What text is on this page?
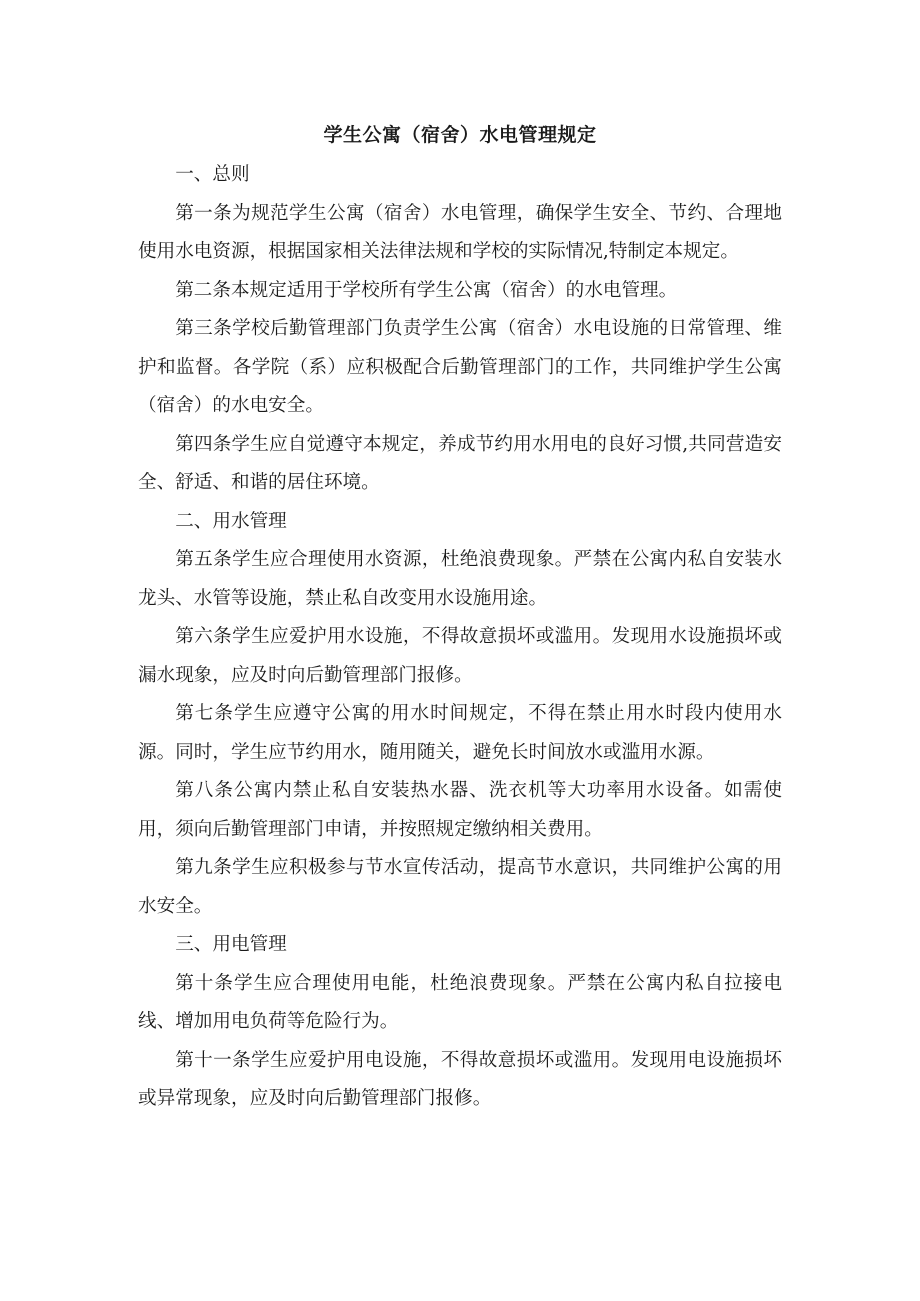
学生公寓（宿舍）水电管理规定

一、总则

第一条为规范学生公寓（宿舍）水电管理，确保学生安全、节约、合理地使用水电资源，根据国家相关法律法规和学校的实际情况,特制定本规定。

第二条本规定适用于学校所有学生公寓（宿舍）的水电管理。

第三条学校后勤管理部门负责学生公寓（宿舍）水电设施的日常管理、维护和监督。各学院（系）应积极配合后勤管理部门的工作，共同维护学生公寓（宿舍）的水电安全。

第四条学生应自觉遵守本规定，养成节约用水用电的良好习惯,共同营造安全、舒适、和谐的居住环境。

二、用水管理

第五条学生应合理使用水资源，杜绝浪费现象。严禁在公寓内私自安装水龙头、水管等设施，禁止私自改变用水设施用途。

第六条学生应爱护用水设施，不得故意损坏或滥用。发现用水设施损坏或漏水现象，应及时向后勤管理部门报修。

第七条学生应遵守公寓的用水时间规定，不得在禁止用水时段内使用水源。同时，学生应节约用水，随用随关，避免长时间放水或滥用水源。

第八条公寓内禁止私自安装热水器、洗衣机等大功率用水设备。如需使用，须向后勤管理部门申请，并按照规定缴纳相关费用。

第九条学生应积极参与节水宣传活动，提高节水意识，共同维护公寓的用水安全。

三、用电管理

第十条学生应合理使用电能，杜绝浪费现象。严禁在公寓内私自拉接电线、增加用电负荷等危险行为。

第十一条学生应爱护用电设施，不得故意损坏或滥用。发现用电设施损坏或异常现象，应及时向后勤管理部门报修。
